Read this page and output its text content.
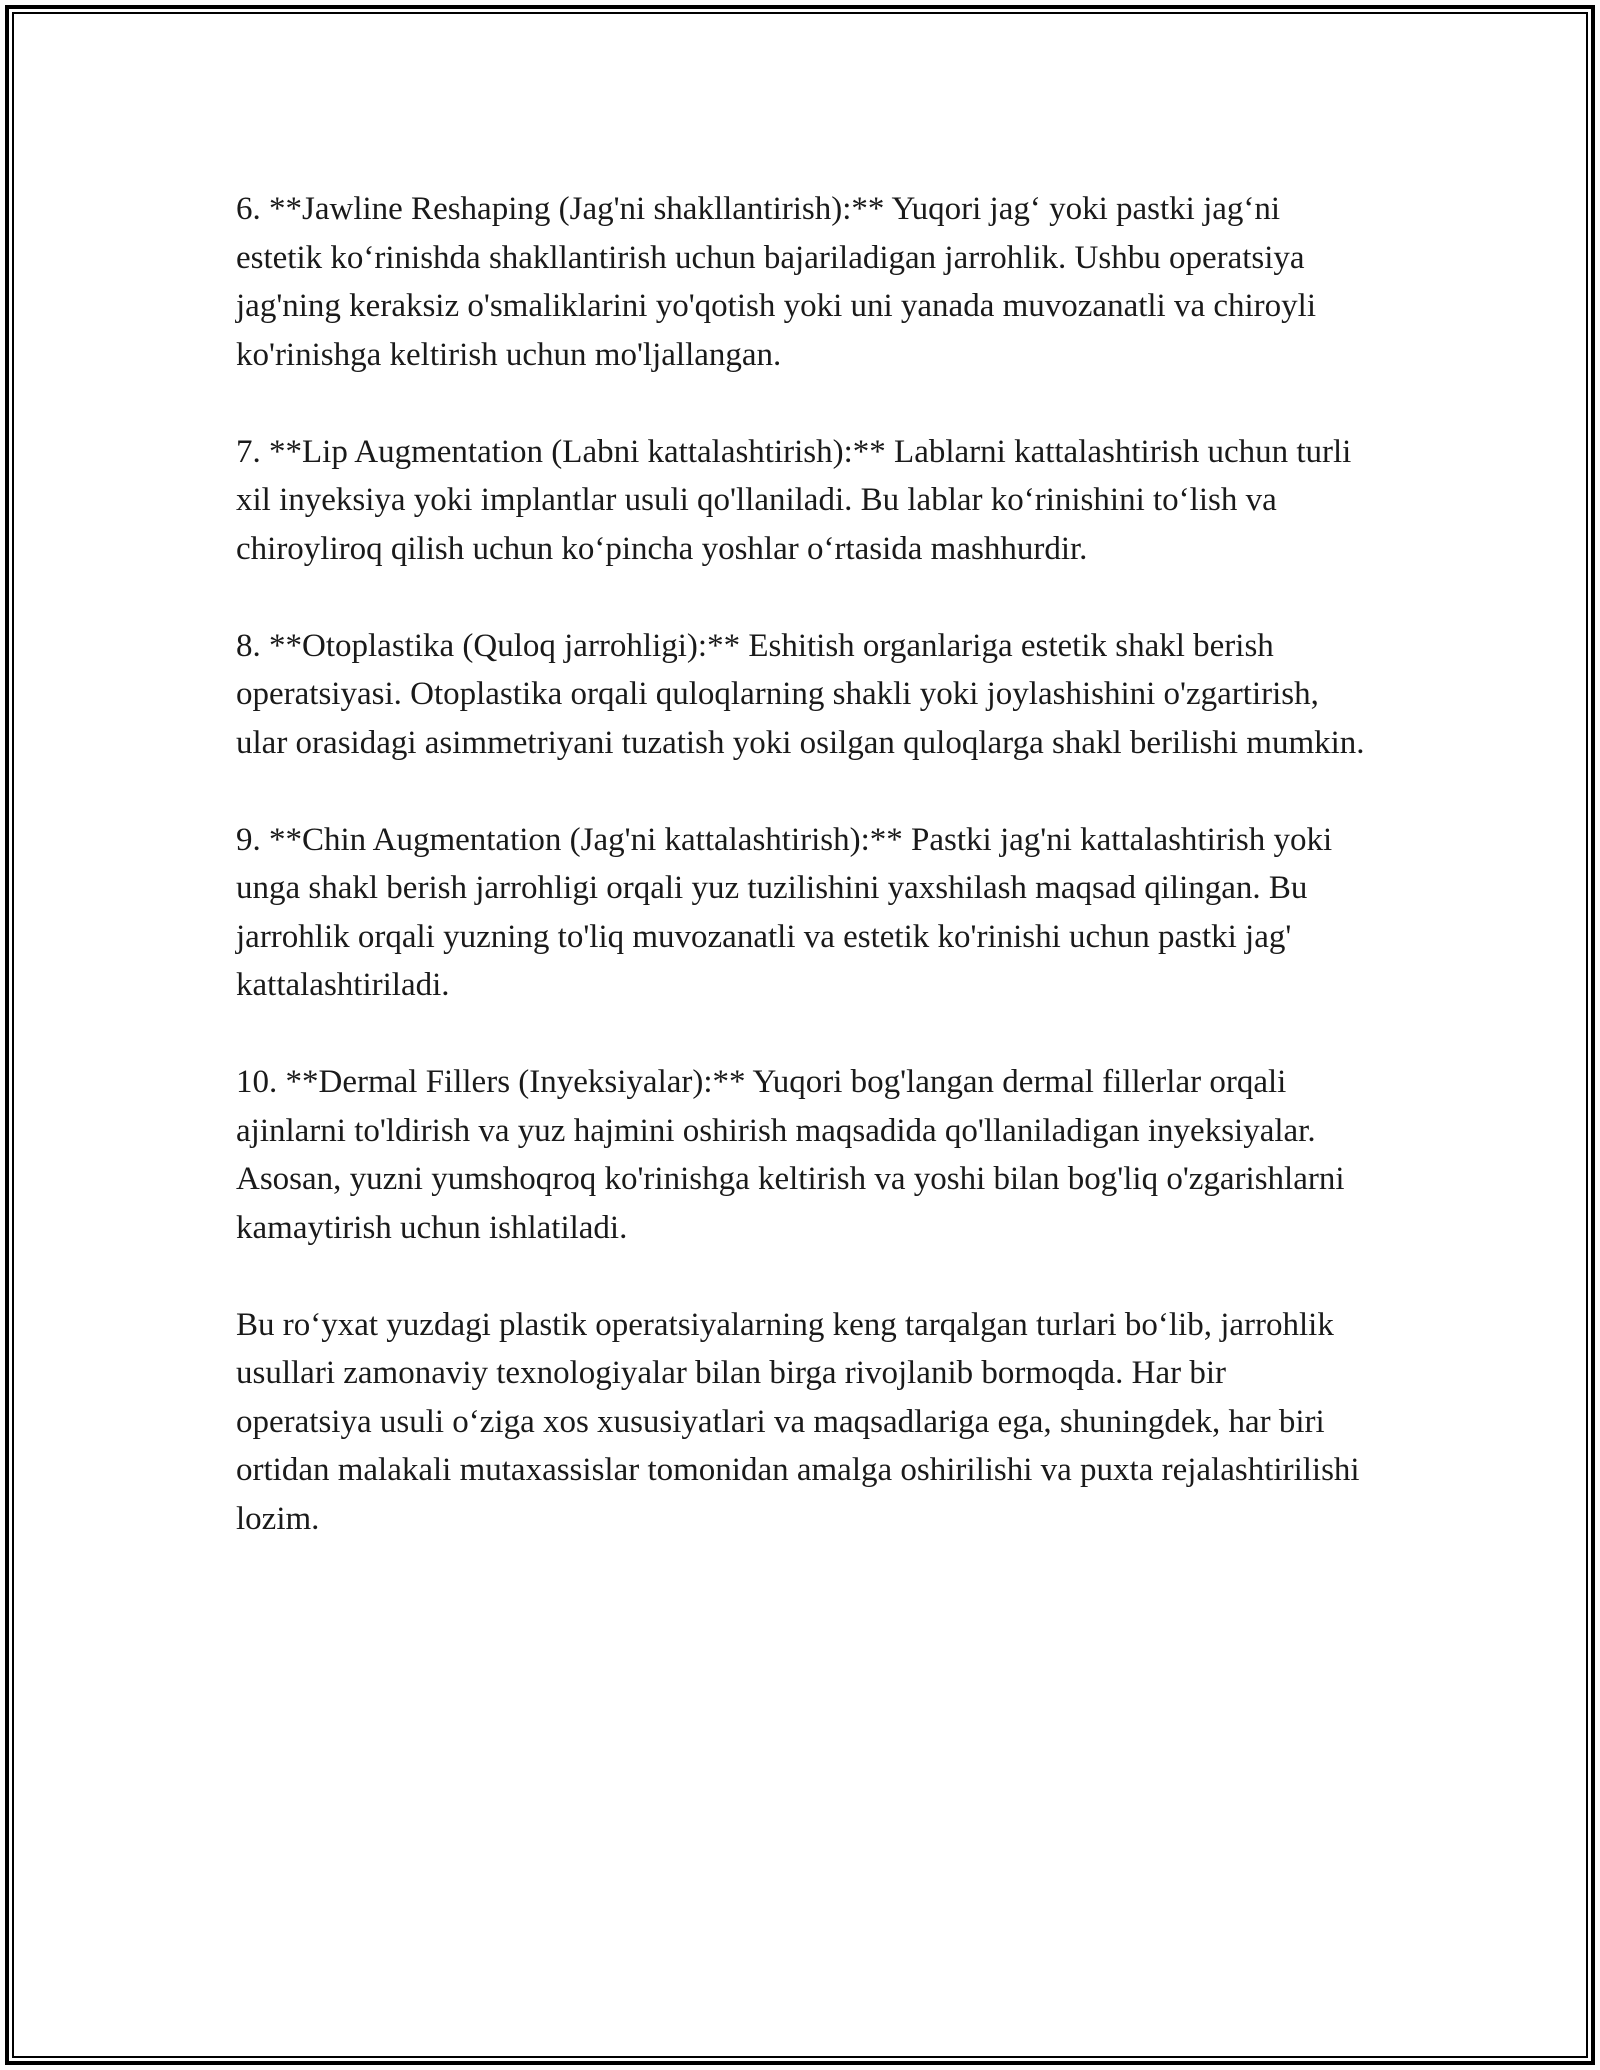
6. **Jawline Reshaping (Jag'ni shakllantirish):** Yuqori jag‘ yoki pastki jag‘ni estetik ko‘rinishda shakllantirish uchun bajariladigan jarrohlik. Ushbu operatsiya jag'ning keraksiz o'smaliklarini yo'qotish yoki uni yanada muvozanatli va chiroyli ko'rinishga keltirish uchun mo'ljallangan.

7. **Lip Augmentation (Labni kattalashtirish):** Lablarni kattalashtirish uchun turli xil inyeksiya yoki implantlar usuli qo'llaniladi. Bu lablar ko‘rinishini to‘lish va chiroyliroq qilish uchun ko‘pincha yoshlar o‘rtasida mashhurdir.

8. **Otoplastika (Quloq jarrohligi):** Eshitish organlariga estetik shakl berish operatsiyasi. Otoplastika orqali quloqlarning shakli yoki joylashishini o'zgartirish, ular orasidagi asimmetriyani tuzatish yoki osilgan quloqlarga shakl berilishi mumkin.

9. **Chin Augmentation (Jag'ni kattalashtirish):** Pastki jag'ni kattalashtirish yoki unga shakl berish jarrohligi orqali yuz tuzilishini yaxshilash maqsad qilingan. Bu jarrohlik orqali yuzning to'liq muvozanatli va estetik ko'rinishi uchun pastki jag' kattalashtiriladi.

10. **Dermal Fillers (Inyeksiyalar):** Yuqori bog'langan dermal fillerlar orqali ajinlarni to'ldirish va yuz hajmini oshirish maqsadida qo'llaniladigan inyeksiyalar. Asosan, yuzni yumshoqroq ko'rinishga keltirish va yoshi bilan bog'liq o'zgarishlarni kamaytirish uchun ishlatiladi.

Bu ro‘yxat yuzdagi plastik operatsiyalarning keng tarqalgan turlari bo‘lib, jarrohlik usullari zamonaviy texnologiyalar bilan birga rivojlanib bormoqda. Har bir operatsiya usuli o‘ziga xos xususiyatlari va maqsadlariga ega, shuningdek, har biri ortidan malakali mutaxassislar tomonidan amalga oshirilishi va puxta rejalashtirilishi lozim.
